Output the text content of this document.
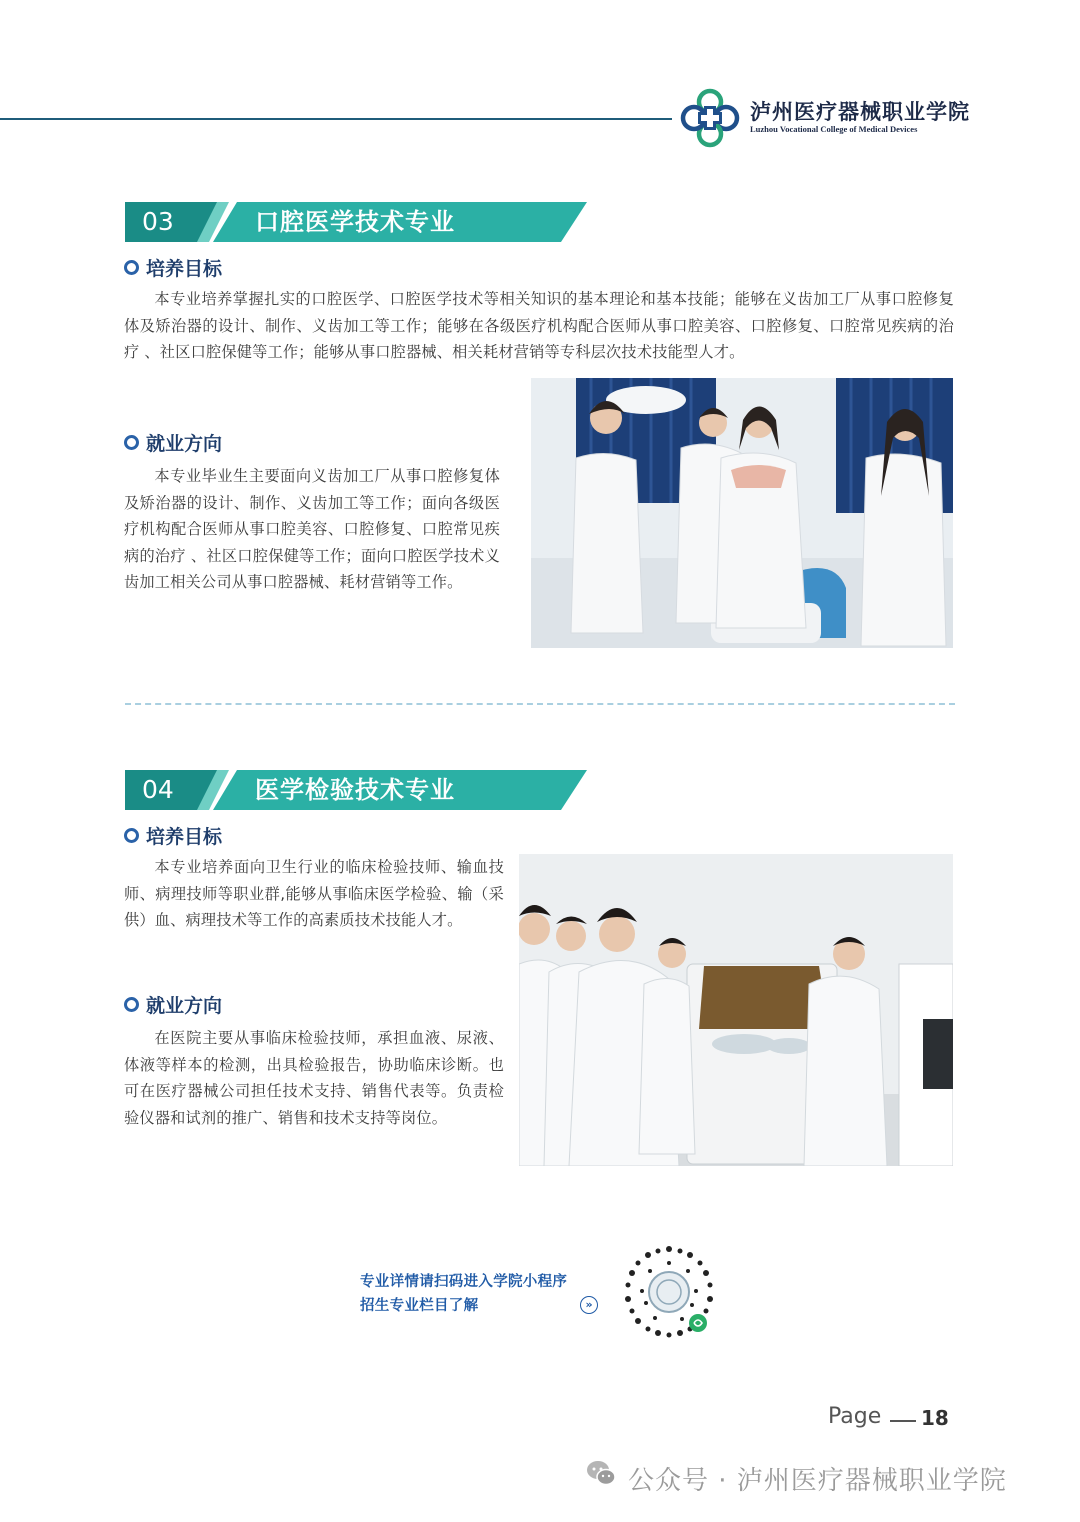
泸州医疗器械职业学院
Luzhou Vocational College of Medical Devices
03	口腔医学技术专业
培养目标

本专业培养掌握扎实的口腔医学、口腔医学技术等相关知识的基本理论和基本技能；能够在义齿加工厂从事口腔修复体及矫治器的设计、制作、义齿加工等工作；能够在各级医疗机构配合医师从事口腔美容、口腔修复、口腔常见疾病的治疗 、社区口腔保健等工作；能够从事口腔器械、相关耗材营销等专科层次技术技能型人才。

就业方向

本专业毕业生主要面向义齿加工厂从事口腔修复体及矫治器的设计、制作、义齿加工等工作；面向各级医疗机构配合医师从事口腔美容、口腔修复、口腔常见疾病的治疗 、社区口腔保健等工作；面向口腔医学技术义齿加工相关公司从事口腔器械、耗材营销等工作。

04	医学检验技术专业
培养目标

本专业培养面向卫生行业的临床检验技师、输血技师、病理技师等职业群,能够从事临床医学检验、输（采供）血、病理技术等工作的高素质技术技能人才。

就业方向

在医院主要从事临床检验技师，承担血液、尿液、体液等样本的检测，出具检验报告，协助临床诊断。也可在医疗器械公司担任技术支持、销售代表等。负责检验仪器和试剂的推广、销售和技术支持等岗位。

专业详情请扫码进入学院小程序
招生专业栏目了解	»
Page 18
公众号 · 泸州医疗器械职业学院
